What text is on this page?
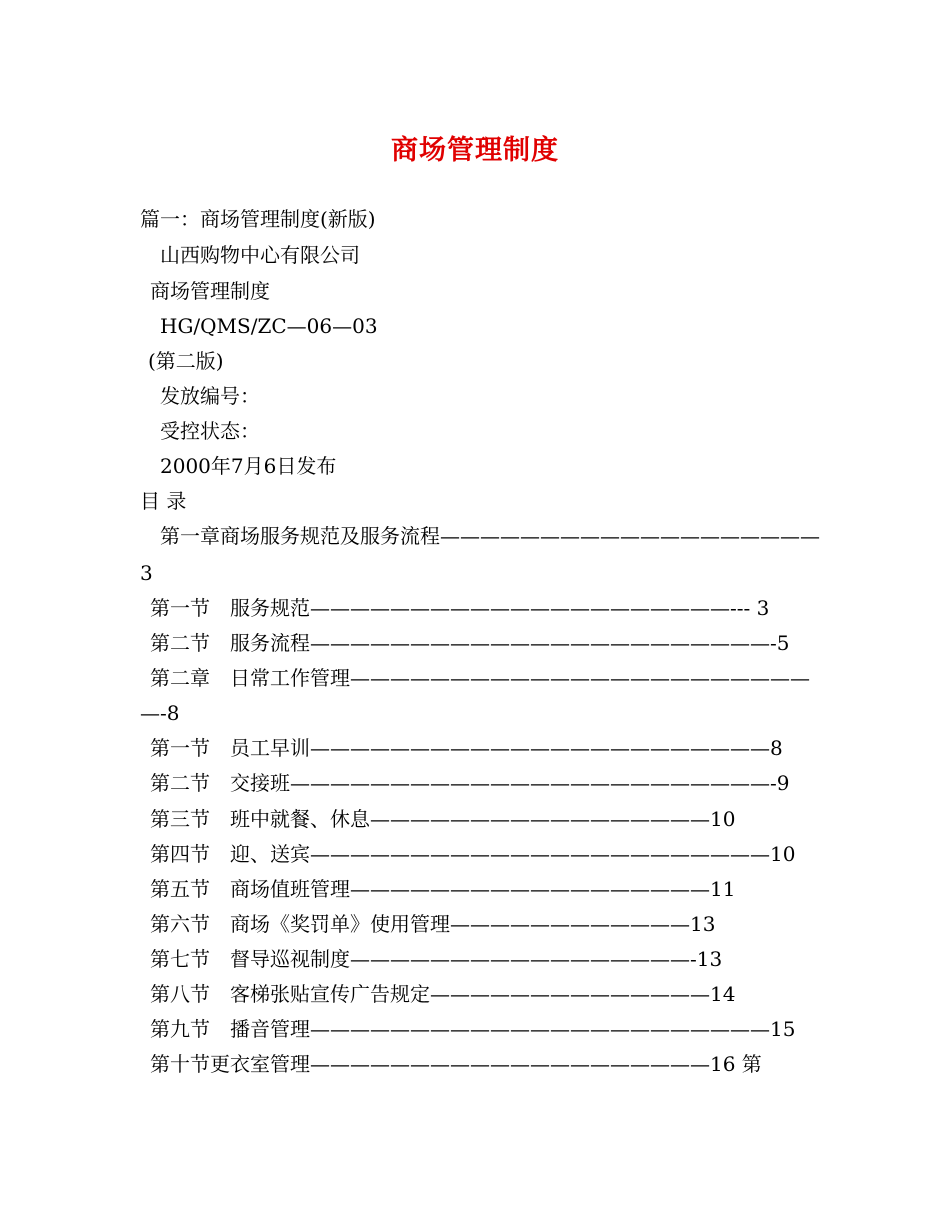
商场管理制度
篇一：商场管理制度(新版)
山西购物中心有限公司
商场管理制度
HG/QMS/ZC—06—03
(第二版)
发放编号：
受控状态：
2000年7月6日发布
目 录
第一章商场服务规范及服务流程———————————————————
3
第一节　服务规范—————————————————————--- 3
第二节　服务流程———————————————————————-5
第二章　日常工作管理———————————————————————
—-8
第一节　员工早训———————————————————————8
第二节　交接班————————————————————————-9
第三节　班中就餐、休息—————————————————10
第四节　迎、送宾———————————————————————10
第五节　商场值班管理——————————————————11
第六节　商场《奖罚单》使用管理————————————13
第七节　督导巡视制度—————————————————-13
第八节　客梯张贴宣传广告规定——————————————14
第九节　播音管理———————————————————————15
第十节更衣室管理————————————————————16 第
